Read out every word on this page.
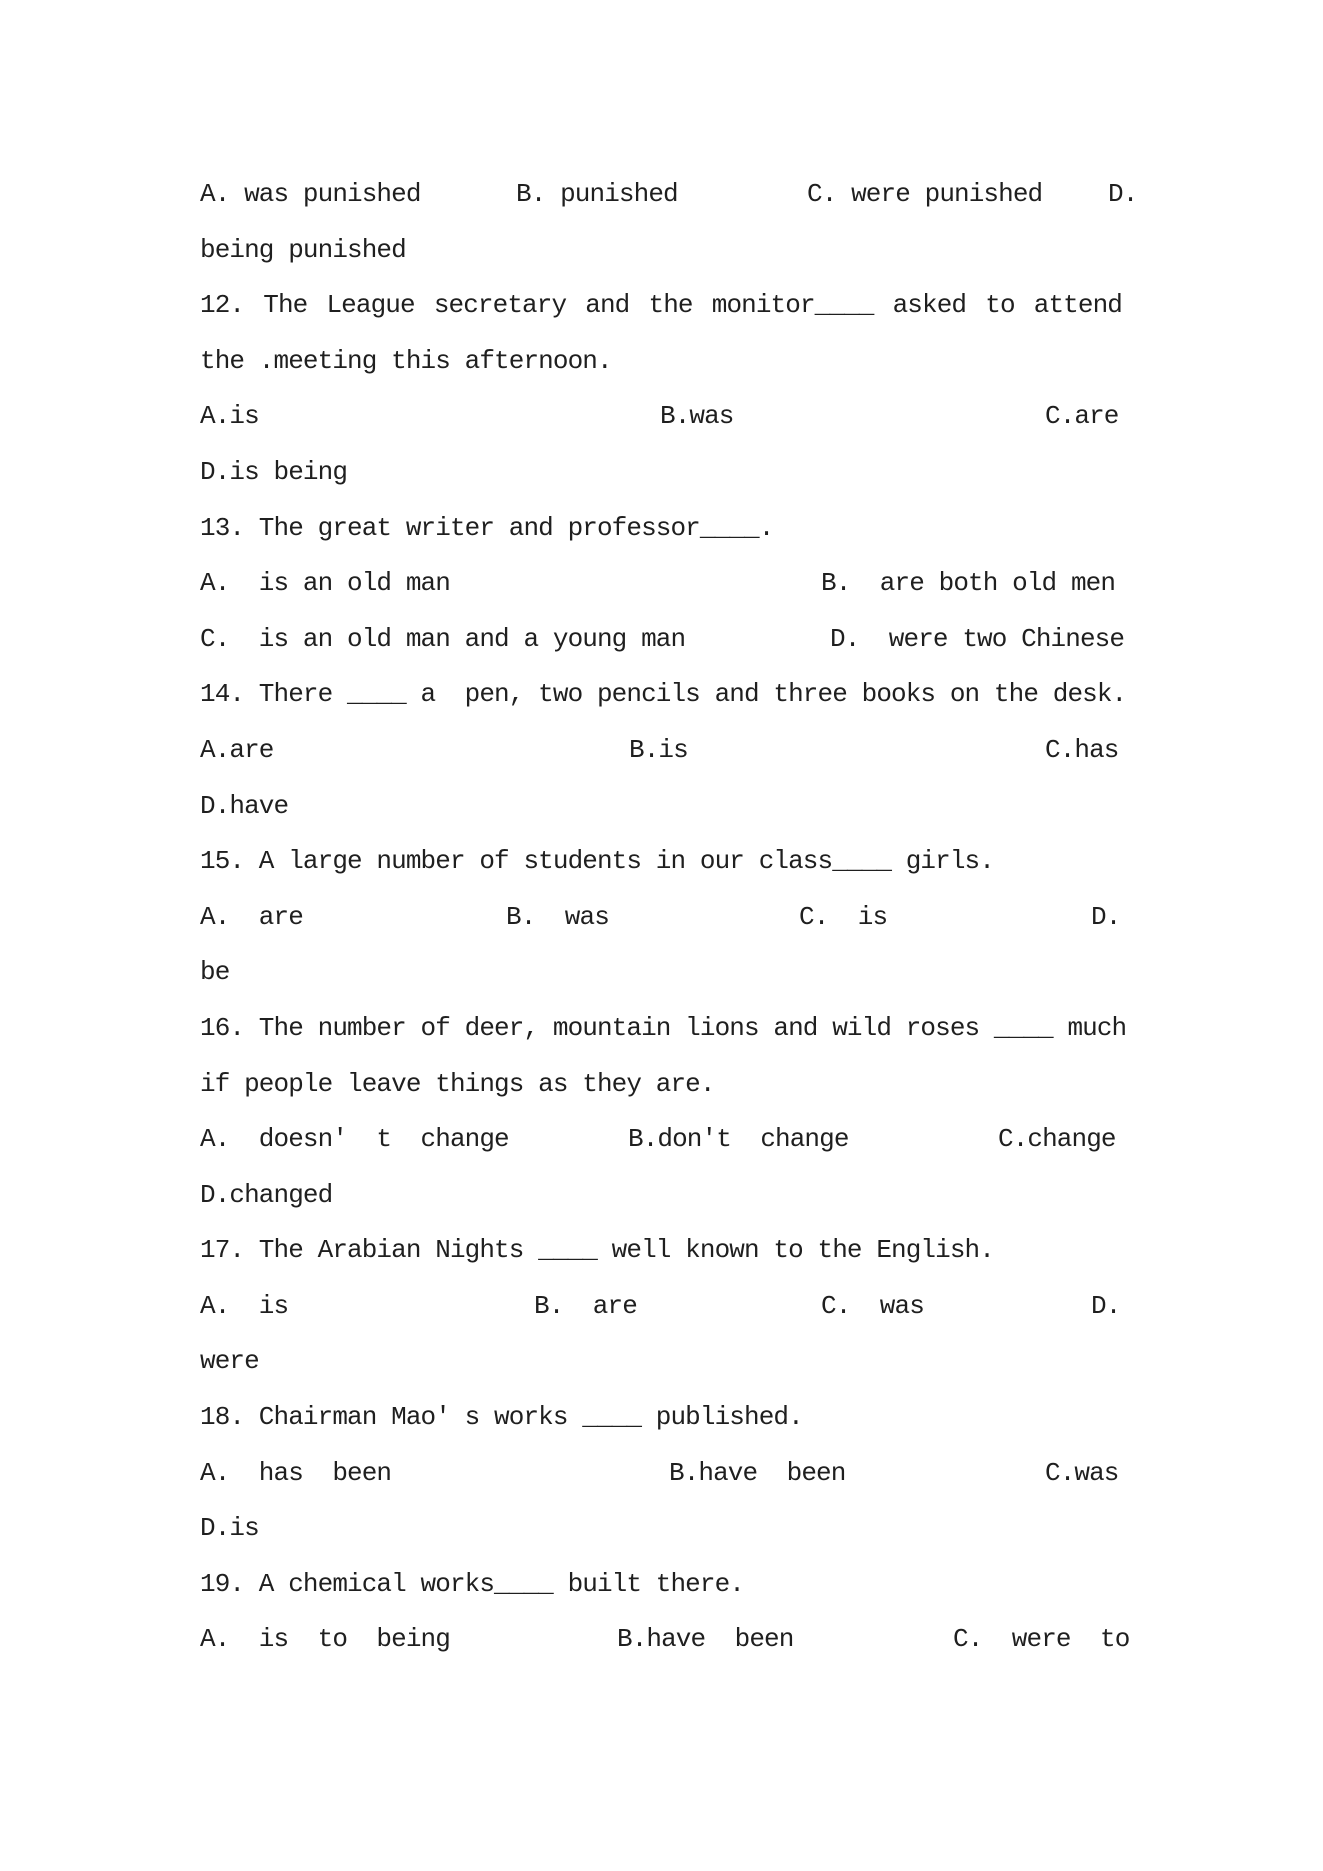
A. was punished	B. punished	C. were punished	D.
being punished
12. The League secretary and the monitor____ asked to attend
the .meeting this afternoon.
A.is	B.was	C.are
D.is being
13. The great writer and professor____.
A.  is an old man	B.  are both old men
C.  is an old man and a young man	D.  were two Chinese
14. There ____ a  pen, two pencils and three books on the desk.
A.are	B.is	C.has
D.have
15. A large number of students in our class____ girls.
A.  are	B.  was	C.  is	D.
be
16. The number of deer, mountain lions and wild roses ____ much
if people leave things as they are.
A.  doesn'  t  change	B.don't  change	C.change
D.changed
17. The Arabian Nights ____ well known to the English.
A.  is	B.  are	C.  was	D.
were
18. Chairman Mao' s works ____ published.
A.  has  been	B.have  been	C.was
D.is
19. A chemical works____ built there.
A.  is  to  being	B.have  been	C.  were  to
